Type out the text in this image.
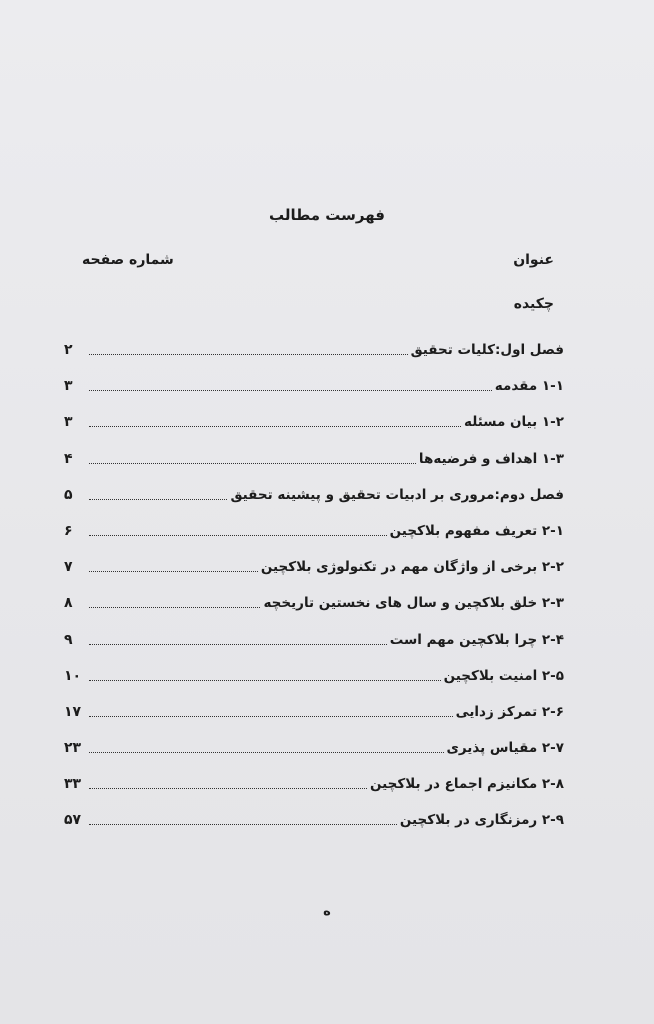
فهرست مطالب
عنوان
شماره صفحه
چکیده
فصل اول:کلیات تحقیق
۲
۱-۱ مقدمه
۳
۱-۲ بیان مسئله
۳
۱-۳ اهداف و فرضیه‌ها
۴
فصل دوم:مروری بر ادبیات تحقیق و پیشینه تحقیق
۵
۲-۱ تعریف مفهوم بلاکچین
۶
۲-۲ برخی از واژگان مهم در تکنولوژی بلاکچین
۷
۲-۳ خلق بلاکچین و سال های نخستین تاریخچه
۸
۲-۴ چرا بلاکچین مهم است
۹
۲-۵ امنیت بلاکچین
۱۰
۲-۶ تمرکز زدایی
۱۷
۲-۷ مقیاس پذیری
۲۳
۲-۸ مکانیزم اجماع در بلاکچین
۳۳
۲-۹ رمزنگاری در بلاکچین
۵۷
ه
